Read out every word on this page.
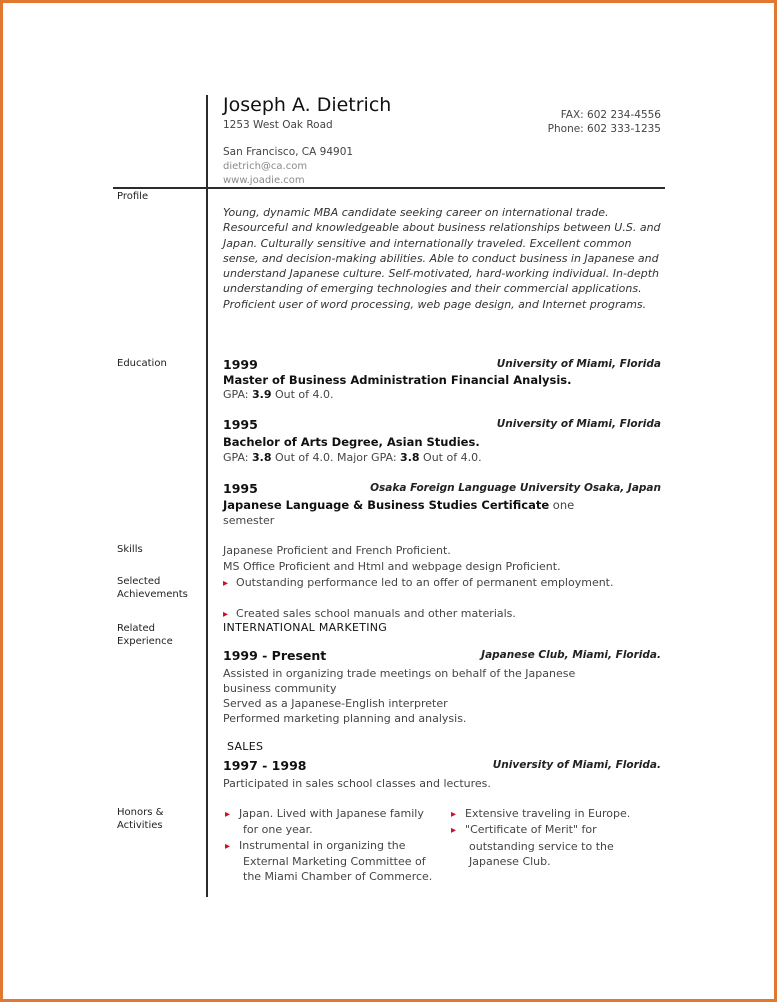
Joseph A. Dietrich
1253 West Oak Road
San Francisco, CA 94901
dietrich@ca.com
www.joadie.com
FAX: 602 234-4556
Phone: 602 333-1235
Profile
Education
Skills
Selected
Achievements
Related
Experience
Honors &
Activities
Young, dynamic MBA candidate seeking career on international trade. Resourceful and knowledgeable about business relationships between U.S. and Japan. Culturally sensitive and internationally traveled. Excellent common sense, and decision-making abilities. Able to conduct business in Japanese and understand Japanese culture. Self-motivated, hard-working individual. In-depth understanding of emerging technologies and their commercial applications. Proficient user of word processing, web page design, and Internet programs.
1999	University of Miami, Florida
Master of Business Administration Financial Analysis.
GPA: 3.9 Out of 4.0.
1995	University of Miami, Florida
Bachelor of Arts Degree, Asian Studies.
GPA: 3.8 Out of 4.0. Major GPA: 3.8 Out of 4.0.
1995	Osaka Foreign Language University Osaka, Japan
Japanese Language & Business Studies Certificate one
semester
Japanese Proficient and French Proficient.
MS Office Proficient and Html and webpage design Proficient.
▸ Outstanding performance led to an offer of permanent employment.
▸ Created sales school manuals and other materials.
INTERNATIONAL MARKETING
1999 - Present	Japanese Club, Miami, Florida.
Assisted in organizing trade meetings on behalf of the Japanese
business community
Served as a Japanese-English interpreter
Performed marketing planning and analysis.
SALES
1997 - 1998	University of Miami, Florida.
Participated in sales school classes and lectures.
▸ Japan. Lived with Japanese family for one year.
▸ Instrumental in organizing the External Marketing Committee of the Miami Chamber of Commerce.
▸ Extensive traveling in Europe.
▸ "Certificate of Merit" for outstanding service to the Japanese Club.
